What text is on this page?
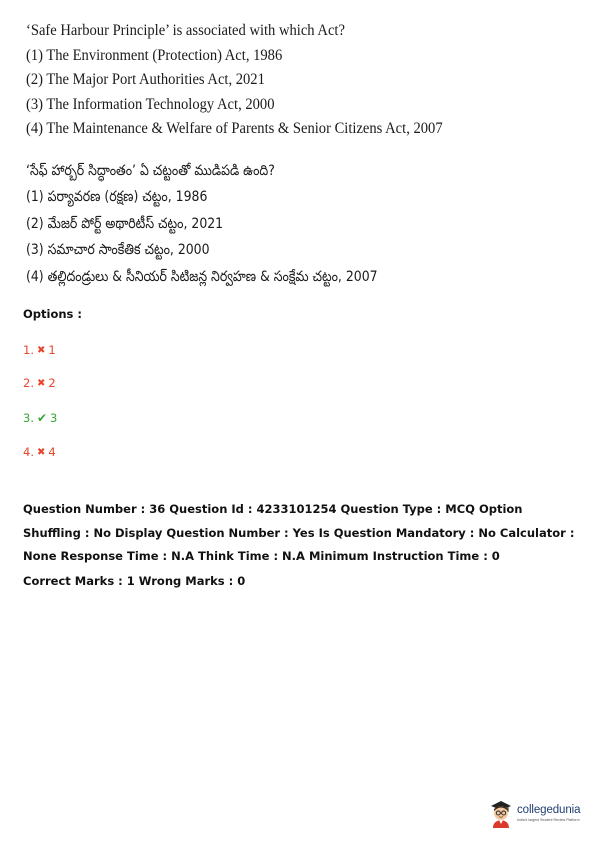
‘Safe Harbour Principle’ is associated with which Act?
(1) The Environment (Protection) Act, 1986
(2) The Major Port Authorities Act, 2021
(3) The Information Technology Act, 2000
(4) The Maintenance & Welfare of Parents & Senior Citizens Act, 2007
‘సేఫ్ హార్బర్ సిద్ధాంతం’ ఏ చట్టంతో ముడిపడి ఉంది?
(1) పర్యావరణ (రక్షణ) చట్టం, 1986
(2) మేజర్ పోర్ట్ అథారిటీస్ చట్టం, 2021
(3) సమాచార సాంకేతిక చట్టం, 2000
(4) తల్లిదండ్రులు & సీనియర్ సిటిజన్ల నిర్వహణ & సంక్షేమ చట్టం, 2007
Options :
1. ✖ 1
2. ✖ 2
3. ✔ 3
4. ✖ 4
Question Number : 36 Question Id : 4233101254 Question Type : MCQ Option Shuffling : No Display Question Number : Yes Is Question Mandatory : No Calculator : None Response Time : N.A Think Time : N.A Minimum Instruction Time : 0
Correct Marks : 1 Wrong Marks : 0
collegedunia
India's largest Student Review Platform
